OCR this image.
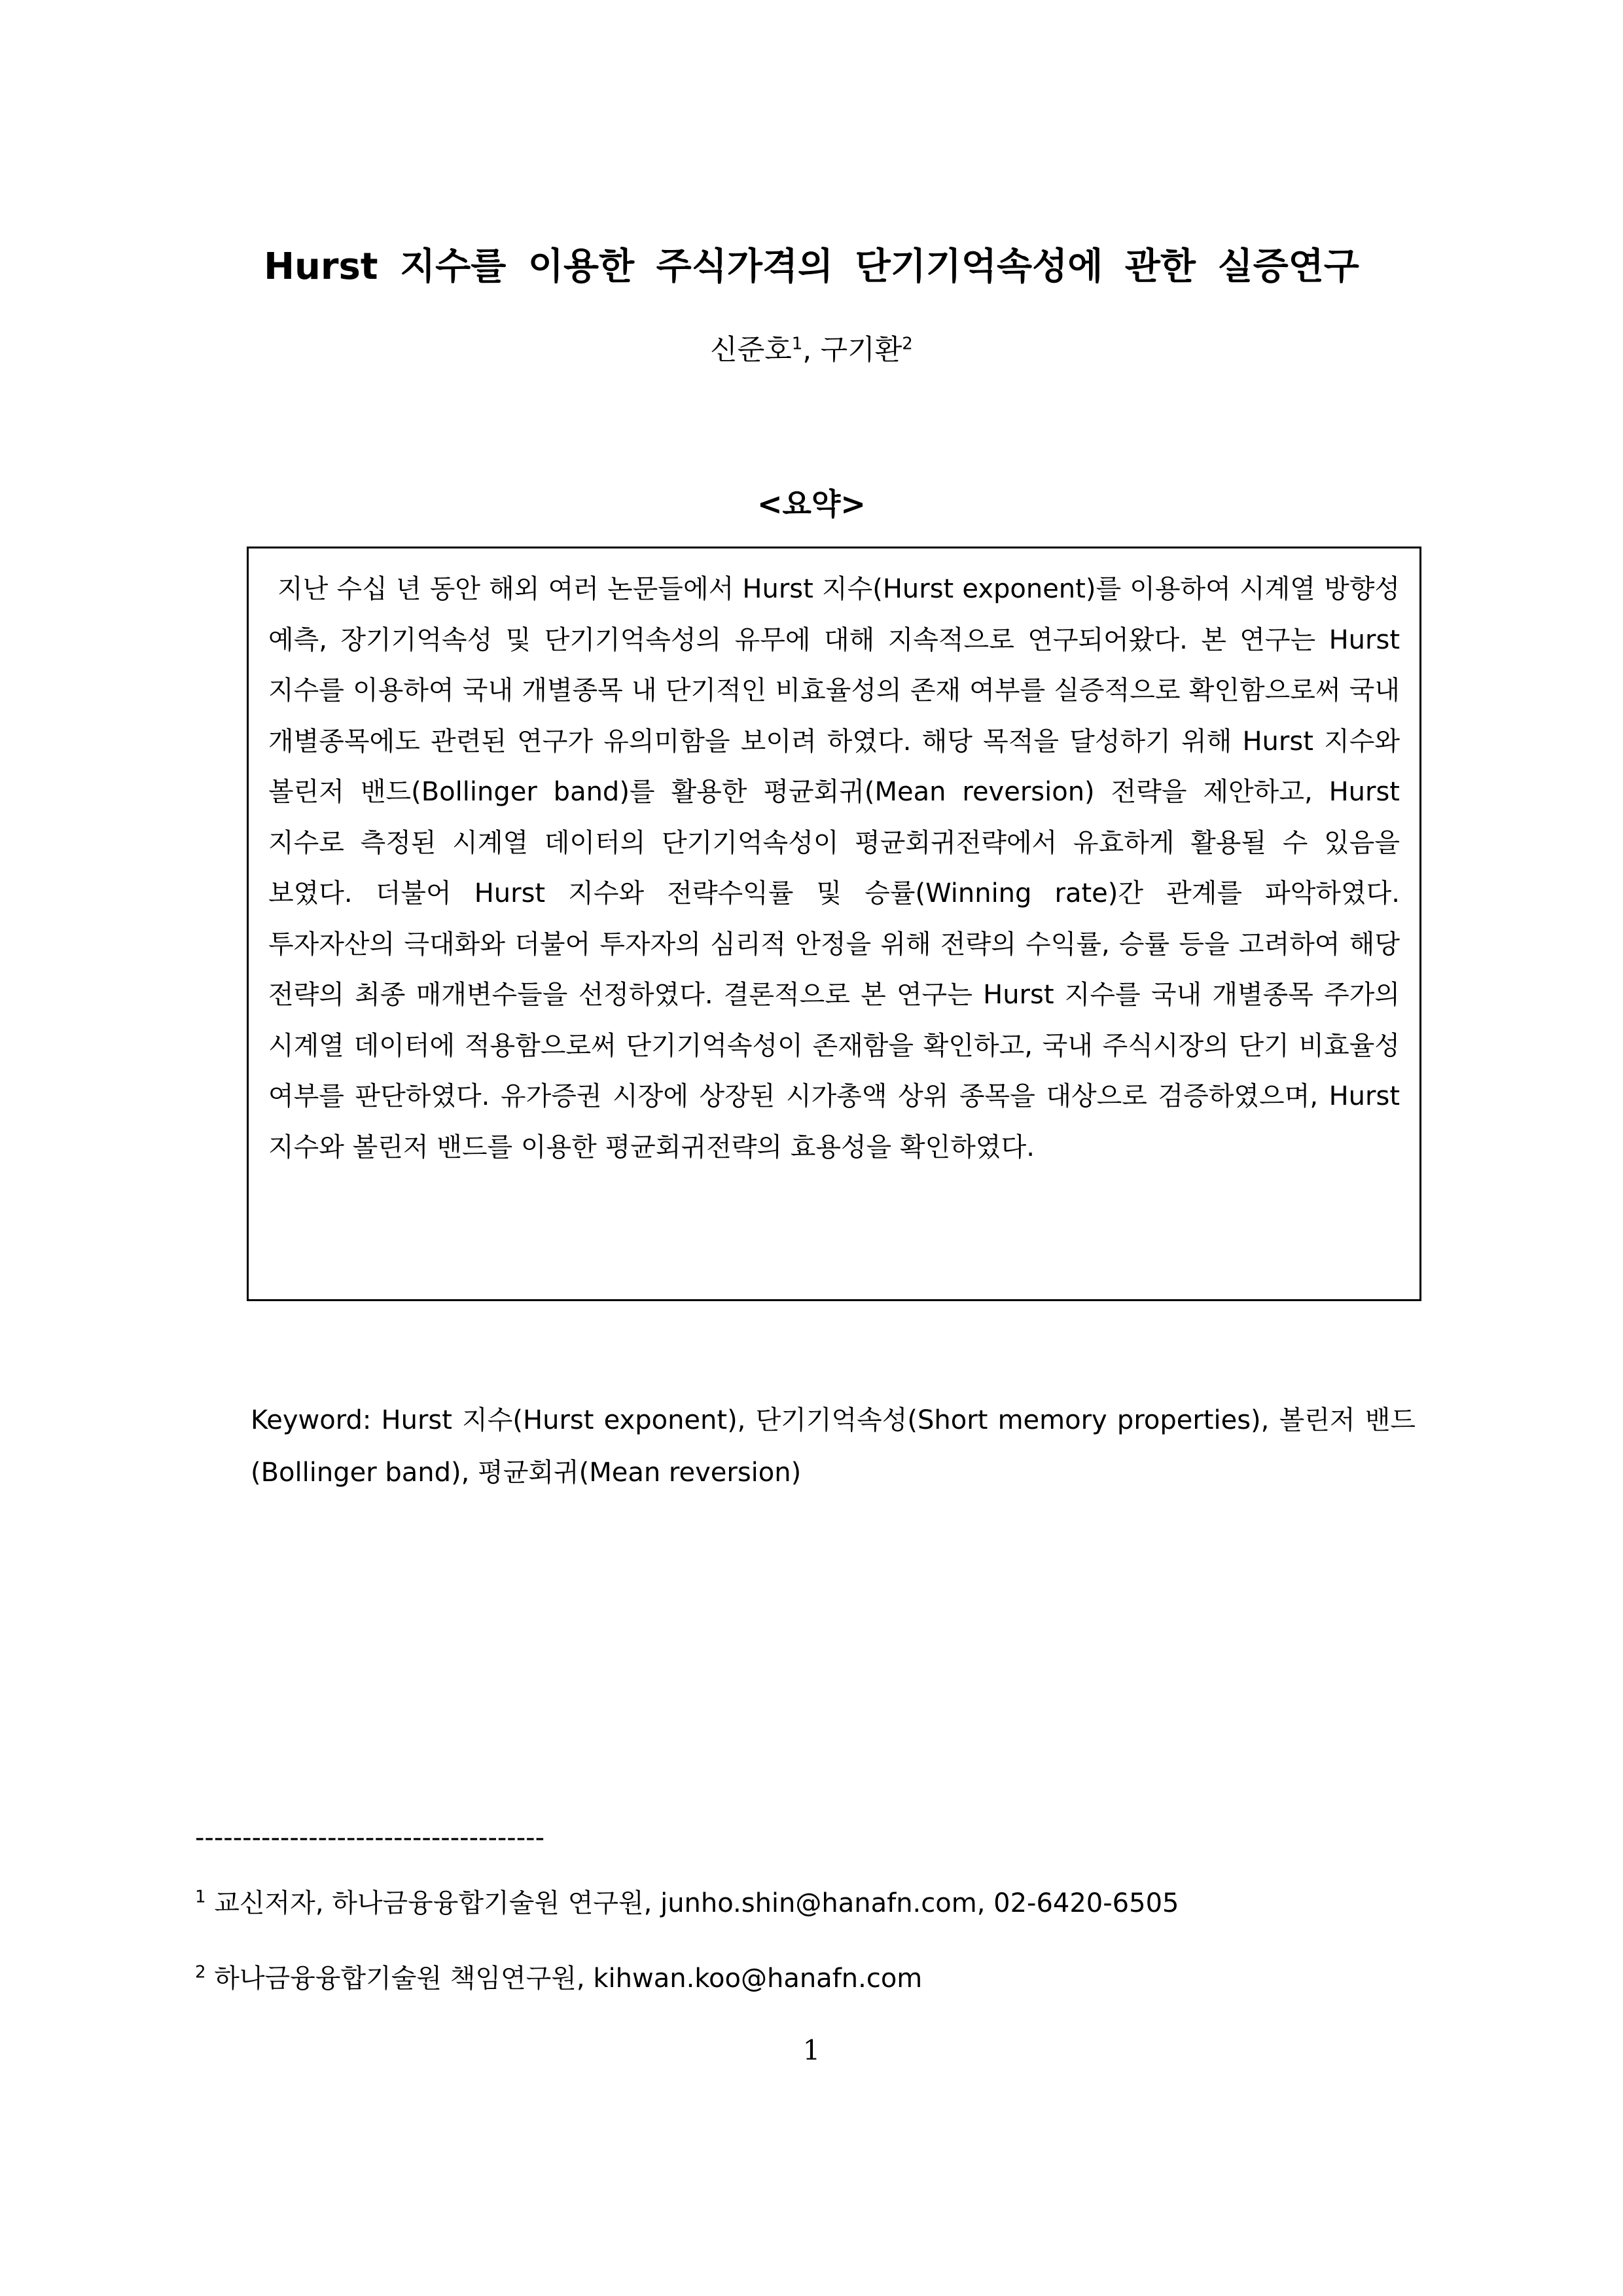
Hurst 지수를 이용한 주식가격의 단기기억속성에 관한 실증연구
신준호$^1$, 구기환$^2$
<요약>

지난 수십 년 동안 해외 여러 논문들에서 Hurst 지수(Hurst exponent)를 이용하여 시계열 방향성 예측, 장기기억속성 및 단기기억속성의 유무에 대해 지속적으로 연구되어왔다. 본 연구는 Hurst 지수를 이용하여 국내 개별종목 내 단기적인 비효율성의 존재 여부를 실증적으로 확인함으로써 국내 개별종목에도 관련된 연구가 유의미함을 보이려 하였다. 해당 목적을 달성하기 위해 Hurst 지수와 볼린저 밴드(Bollinger band)를 활용한 평균회귀(Mean reversion) 전략을 제안하고, Hurst 지수로 측정된 시계열 데이터의 단기기억속성이 평균회귀전략에서 유효하게 활용될 수 있음을 보였다. 더불어 Hurst 지수와 전략수익률 및 승률(Winning rate)간 관계를 파악하였다. 투자자산의 극대화와 더불어 투자자의 심리적 안정을 위해 전략의 수익률, 승률 등을 고려하여 해당 전략의 최종 매개변수들을 선정하였다. 결론적으로 본 연구는 Hurst 지수를 국내 개별종목 주가의 시계열 데이터에 적용함으로써 단기기억속성이 존재함을 확인하고, 국내 주식시장의 단기 비효율성 여부를 판단하였다. 유가증권 시장에 상장된 시가총액 상위 종목을 대상으로 검증하였으며, Hurst 지수와 볼린저 밴드를 이용한 평균회귀전략의 효용성을 확인하였다.

Keyword: Hurst 지수(Hurst exponent), 단기기억속성(Short memory properties), 볼린저 밴드(Bollinger band), 평균회귀(Mean reversion)
-------------------------------------
$^1$ 교신저자, 하나금융융합기술원 연구원, junho.shin@hanafn.com, 02-6420-6505
$^2$ 하나금융융합기술원 책임연구원, kihwan.koo@hanafn.com
1
